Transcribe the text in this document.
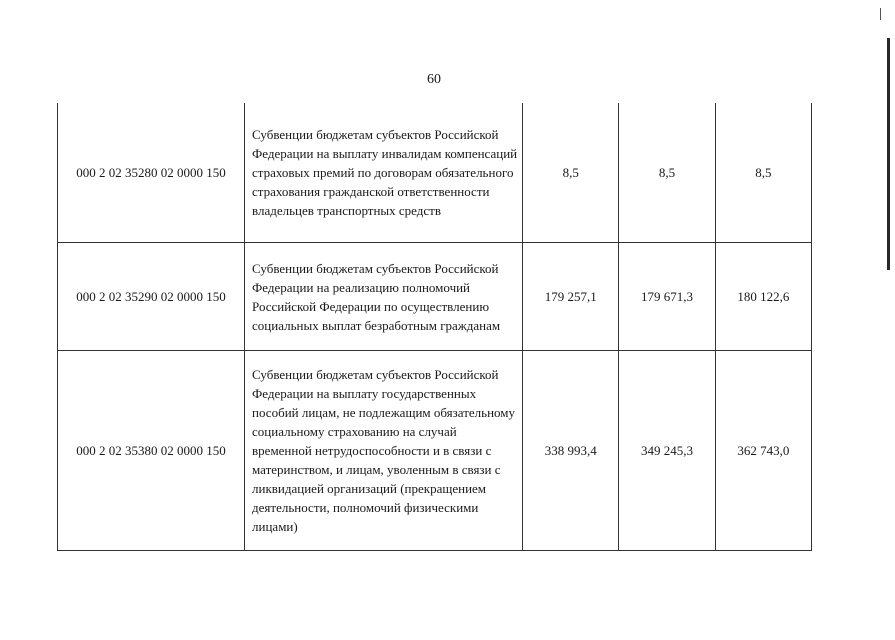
60
000 2 02 35280 02 0000 150	Субвенции бюджетам субъектов Российской Федерации на выплату инвалидам компенсаций страховых премий по договорам обязательного страхования гражданской ответственности владельцев транспортных средств	8,5	8,5	8,5
000 2 02 35290 02 0000 150	Субвенции бюджетам субъектов Российской Федерации на реализацию полномочий Российской Федерации по осуществлению социальных выплат безработным гражданам	179 257,1	179 671,3	180 122,6
000 2 02 35380 02 0000 150	Субвенции бюджетам субъектов Российской Федерации на выплату государственных пособий лицам, не подлежащим обязательному социальному страхованию на случай временной нетрудоспособности и в связи с материнством, и лицам, уволенным в связи с ликвидацией организаций (прекращением деятельности, полномочий физическими лицами)	338 993,4	349 245,3	362 743,0
